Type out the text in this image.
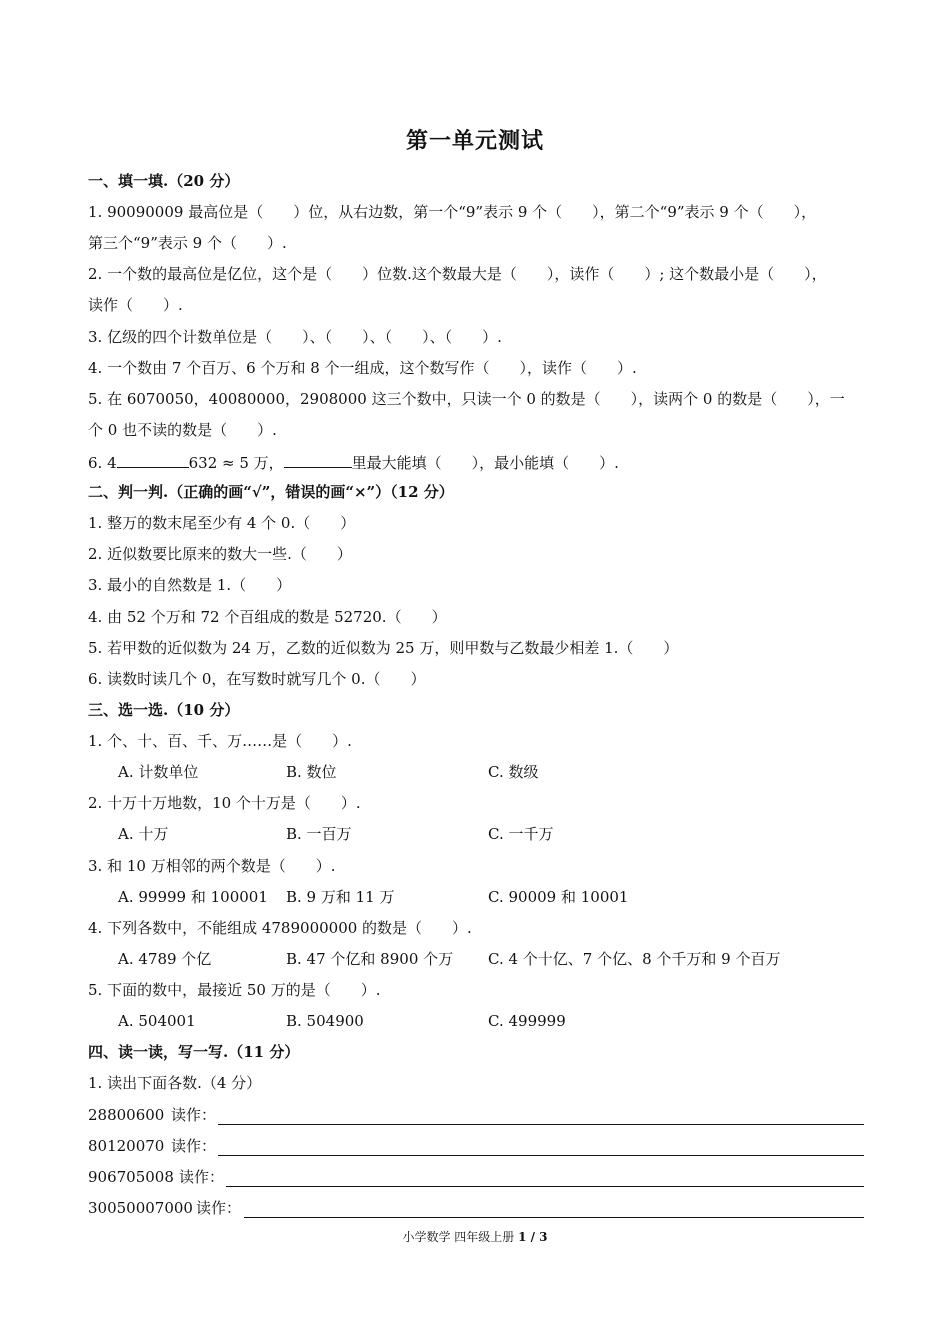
第一单元测试
一、填一填.（20 分）
1. 90090009 最高位是（　　）位，从右边数，第一个“9”表示 9 个（　　），第二个“9”表示 9 个（　　），
第三个“9”表示 9 个（　　）.
2. 一个数的最高位是亿位，这个是（　　）位数.这个数最大是（　　），读作（　　）; 这个数最小是（　　），
读作（　　）.
3. 亿级的四个计数单位是（　　）、（　　）、（　　）、（　　）.
4. 一个数由 7 个百万、6 个万和 8 个一组成，这个数写作（　　），读作（　　）.
5. 在 6070050，40080000，2908000 这三个数中，只读一个 0 的数是（　　），读两个 0 的数是（　　），一
个 0 也不读的数是（　　）.
6. 4	632 ≈ 5 万，	里最大能填（　　），最小能填（　　）.
二、判一判.（正确的画“√”，错误的画“×”）（12 分）
1. 整万的数末尾至少有 4 个 0.（　　）
2. 近似数要比原来的数大一些.（　　）
3. 最小的自然数是 1.（　　）
4. 由 52 个万和 72 个百组成的数是 52720.（　　）
5. 若甲数的近似数为 24 万，乙数的近似数为 25 万，则甲数与乙数最少相差 1.（　　）
6. 读数时读几个 0，在写数时就写几个 0.（　　）
三、选一选.（10 分）
1. 个、十、百、千、万……是（　　）.
A. 计数单位	B. 数位	C. 数级
2. 十万十万地数，10 个十万是（　　）.
A. 十万	B. 一百万	C. 一千万
3. 和 10 万相邻的两个数是（　　）.
A. 99999 和 100001 B. 9 万和 11 万	C. 90009 和 10001
4. 下列各数中，不能组成 4789000000 的数是（　　）.
A. 4789 个亿	B. 47 个亿和 8900 个万 C. 4 个十亿、7 个亿、8 个千万和 9 个百万
5. 下面的数中，最接近 50 万的是（　　）.
A. 504001	B. 504900	C. 499999
四、读一读，写一写.（11 分）
1. 读出下面各数.（4 分）
28800600 读作：
80120070 读作：
906705008 读作：
30050007000 读作：
小学数学 四年级上册 1 / 3
